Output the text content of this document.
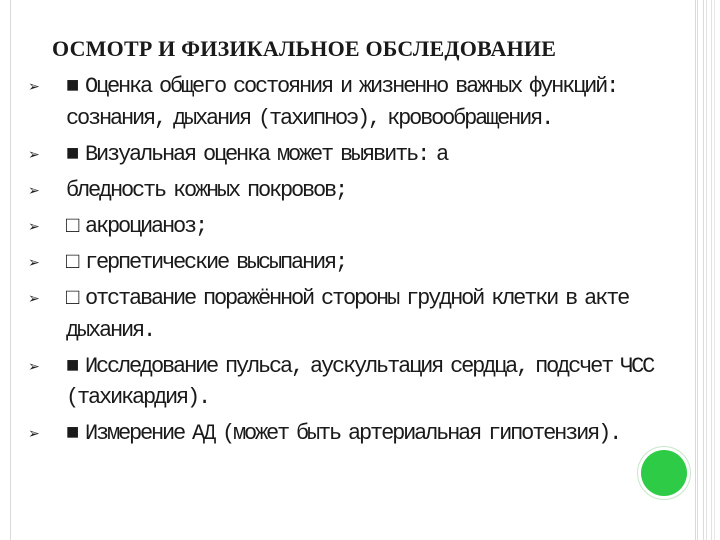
ОСМОТР И ФИЗИКАЛЬНОЕ ОБСЛЕДОВАНИЕ
➢ ■ Оценка общего состояния и жизненно важных функций: сознания, дыхания (тахипноэ), кровообращения.
➢ ■ Визуальная оценка может выявить: а
➢ бледность кожных покровов;
➢ □ акроцианоз;
➢ □ герпетические высыпания;
➢ □ отставание поражённой стороны грудной клетки в акте дыхания.
➢ ■ Исследование пульса, аускультация сердца, подсчет ЧСС (тахикардия).
➢ ■ Измерение АД (может быть артериальная гипотензия).
